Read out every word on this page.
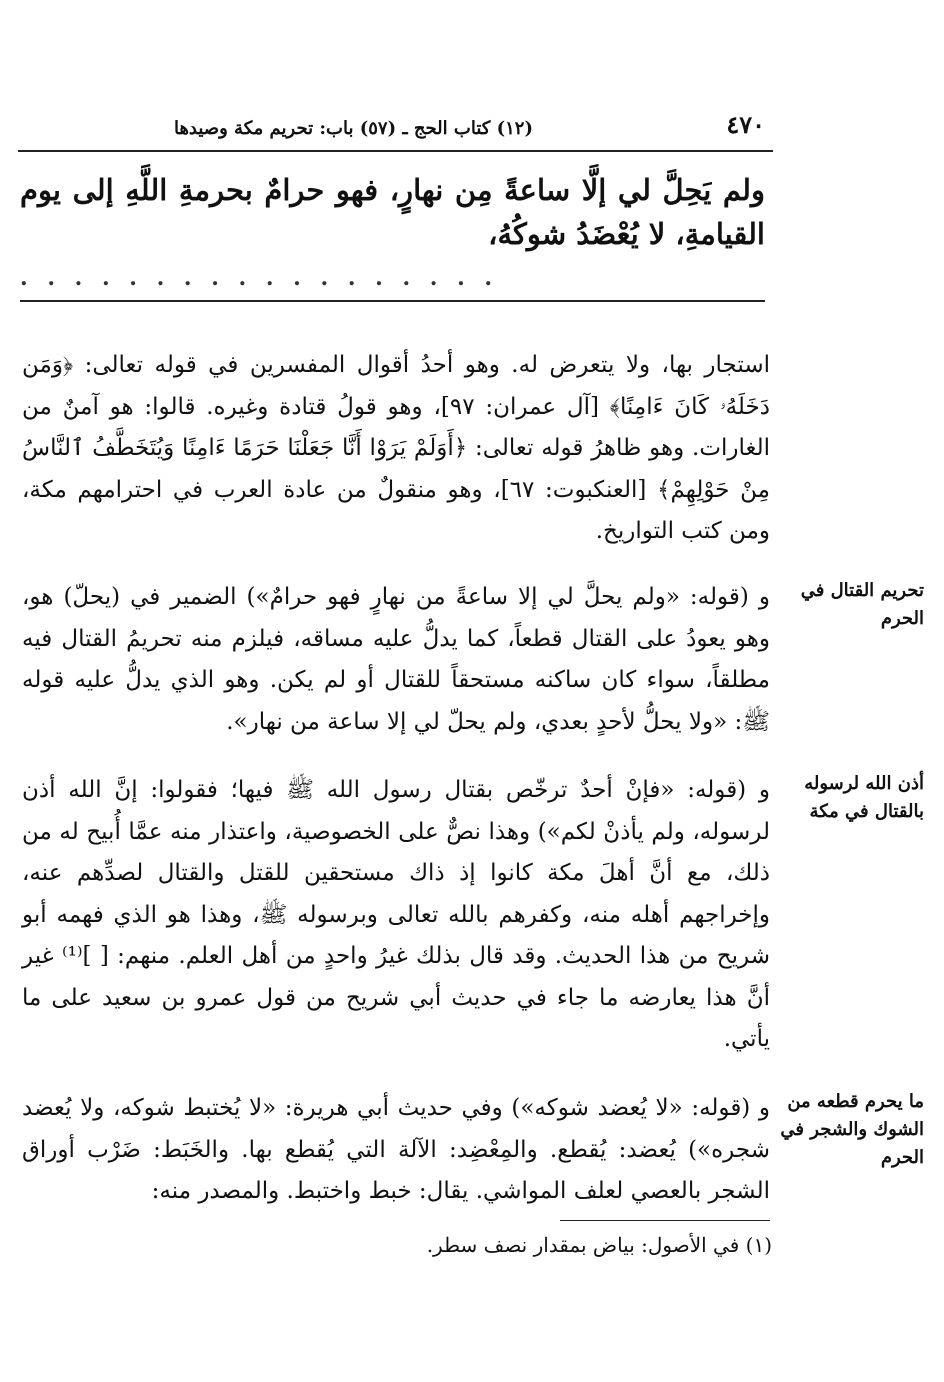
٤٧٠
(١٢) كتاب الحج ـ (٥٧) باب: تحريم مكة وصيدها
ولم يَحِلَّ لي إلَّا ساعةً مِن نهارٍ، فهو حرامٌ بحرمةِ اللَّهِ إلى يوم القيامةِ، لا يُعْضَدُ شوكُهُ،
. . . . . . . . . . . . . . . . . .
استجار بها، ولا يتعرض له. وهو أحدُ أقوال المفسرين في قوله تعالى: ﴿وَمَن دَخَلَهُۥ كَانَ ءَامِنًا﴾ [آل عمران: ٩٧]، وهو قولُ قتادة وغيره. قالوا: هو آمنٌ من الغارات. وهو ظاهرُ قوله تعالى: ﴿أَوَلَمْ يَرَوْا أَنَّا جَعَلْنَا حَرَمًا ءَامِنًا وَيُتَخَطَّفُ ٱلنَّاسُ مِنْ حَوْلِهِمْ﴾ [العنكبوت: ٦٧]، وهو منقولٌ من عادة العرب في احترامهم مكة، ومن كتب التواريخ.
و (قوله: «ولم يحلَّ لي إلا ساعةً من نهارٍ فهو حرامٌ») الضمير في (يحلّ) هو، وهو يعودُ على القتال قطعاً، كما يدلُّ عليه مساقه، فيلزم منه تحريمُ القتال فيه مطلقاً، سواء كان ساكنه مستحقاً للقتال أو لم يكن. وهو الذي يدلُّ عليه قوله ﷺ: «ولا يحلُّ لأحدٍ بعدي، ولم يحلّ لي إلا ساعة من نهار».
تحريم القتال في الحرم
و (قوله: «فإنْ أحدٌ ترخّص بقتال رسول الله ﷺ فيها؛ فقولوا: إنَّ الله أذن لرسوله، ولم يأذنْ لكم») وهذا نصٌّ على الخصوصية، واعتذار منه عمَّا أُبيح له من ذلك، مع أنَّ أهلَ مكة كانوا إذ ذاك مستحقين للقتل والقتال لصدِّهم عنه، وإخراجهم أهله منه، وكفرهم بالله تعالى وبرسوله ﷺ، وهذا هو الذي فهمه أبو شريح من هذا الحديث. وقد قال بذلك غيرُ واحدٍ من أهل العلم. منهم: [ ]⁽¹⁾ غير أنَّ هذا يعارضه ما جاء في حديث أبي شريح من قول عمرو بن سعيد على ما يأتي.
أذن الله لرسوله بالقتال في مكة
و (قوله: «لا يُعضد شوكه») وفي حديث أبي هريرة: «لا يُختبط شوكه، ولا يُعضد شجره») يُعضد: يُقطع. والمِعْضِد: الآلة التي يُقطع بها. والخَبَط: ضَرْب أوراق الشجر بالعصي لعلف المواشي. يقال: خبط واختبط. والمصدر منه:
ما يحرم قطعه من الشوك والشجر في الحرم
(١) في الأصول: بياض بمقدار نصف سطر.
